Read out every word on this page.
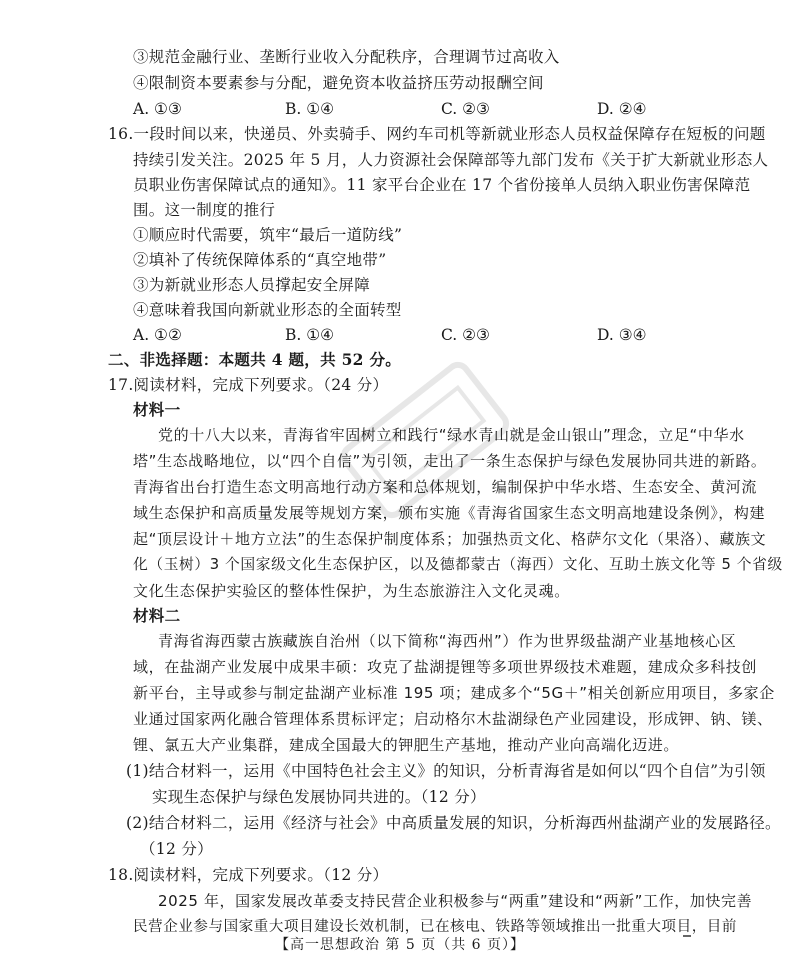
③规范金融行业、垄断行业收入分配秩序，合理调节过高收入
④限制资本要素参与分配，避免资本收益挤压劳动报酬空间
A. ①③	B. ①④	C. ②③	D. ②④
16.一段时间以来，快递员、外卖骑手、网约车司机等新就业形态人员权益保障存在短板的问题
持续引发关注。2025 年 5 月，人力资源社会保障部等九部门发布《关于扩大新就业形态人
员职业伤害保障试点的通知》。11 家平台企业在 17 个省份接单人员纳入职业伤害保障范
围。这一制度的推行
①顺应时代需要，筑牢“最后一道防线”
②填补了传统保障体系的“真空地带”
③为新就业形态人员撑起安全屏障
④意味着我国向新就业形态的全面转型
A. ①②	B. ①④	C. ②③	D. ③④
二、非选择题：本题共 4 题，共 52 分。
17.阅读材料，完成下列要求。（24 分）
材料一
党的十八大以来，青海省牢固树立和践行“绿水青山就是金山银山”理念，立足“中华水
塔”生态战略地位，以“四个自信”为引领，走出了一条生态保护与绿色发展协同共进的新路。
青海省出台打造生态文明高地行动方案和总体规划，编制保护中华水塔、生态安全、黄河流
域生态保护和高质量发展等规划方案，颁布实施《青海省国家生态文明高地建设条例》，构建
起“顶层设计＋地方立法”的生态保护制度体系；加强热贡文化、格萨尔文化（果洛）、藏族文
化（玉树）3 个国家级文化生态保护区，以及德都蒙古（海西）文化、互助土族文化等 5 个省级
文化生态保护实验区的整体性保护，为生态旅游注入文化灵魂。
材料二
青海省海西蒙古族藏族自治州（以下简称“海西州”）作为世界级盐湖产业基地核心区
域，在盐湖产业发展中成果丰硕：攻克了盐湖提锂等多项世界级技术难题，建成众多科技创
新平台，主导或参与制定盐湖产业标准 195 项；建成多个“5G＋”相关创新应用项目，多家企
业通过国家两化融合管理体系贯标评定；启动格尔木盐湖绿色产业园建设，形成钾、钠、镁、
锂、氯五大产业集群，建成全国最大的钾肥生产基地，推动产业向高端化迈进。
(1)结合材料一，运用《中国特色社会主义》的知识，分析青海省是如何以“四个自信”为引领
实现生态保护与绿色发展协同共进的。（12 分）
(2)结合材料二，运用《经济与社会》中高质量发展的知识，分析海西州盐湖产业的发展路径。
（12 分）
18.阅读材料，完成下列要求。（12 分）
2025 年，国家发展改革委支持民营企业积极参与“两重”建设和“两新”工作，加快完善
民营企业参与国家重大项目建设长效机制，已在核电、铁路等领域推出一批重大项目，目前
【高一思想政治 第 5 页（共 6 页）】
